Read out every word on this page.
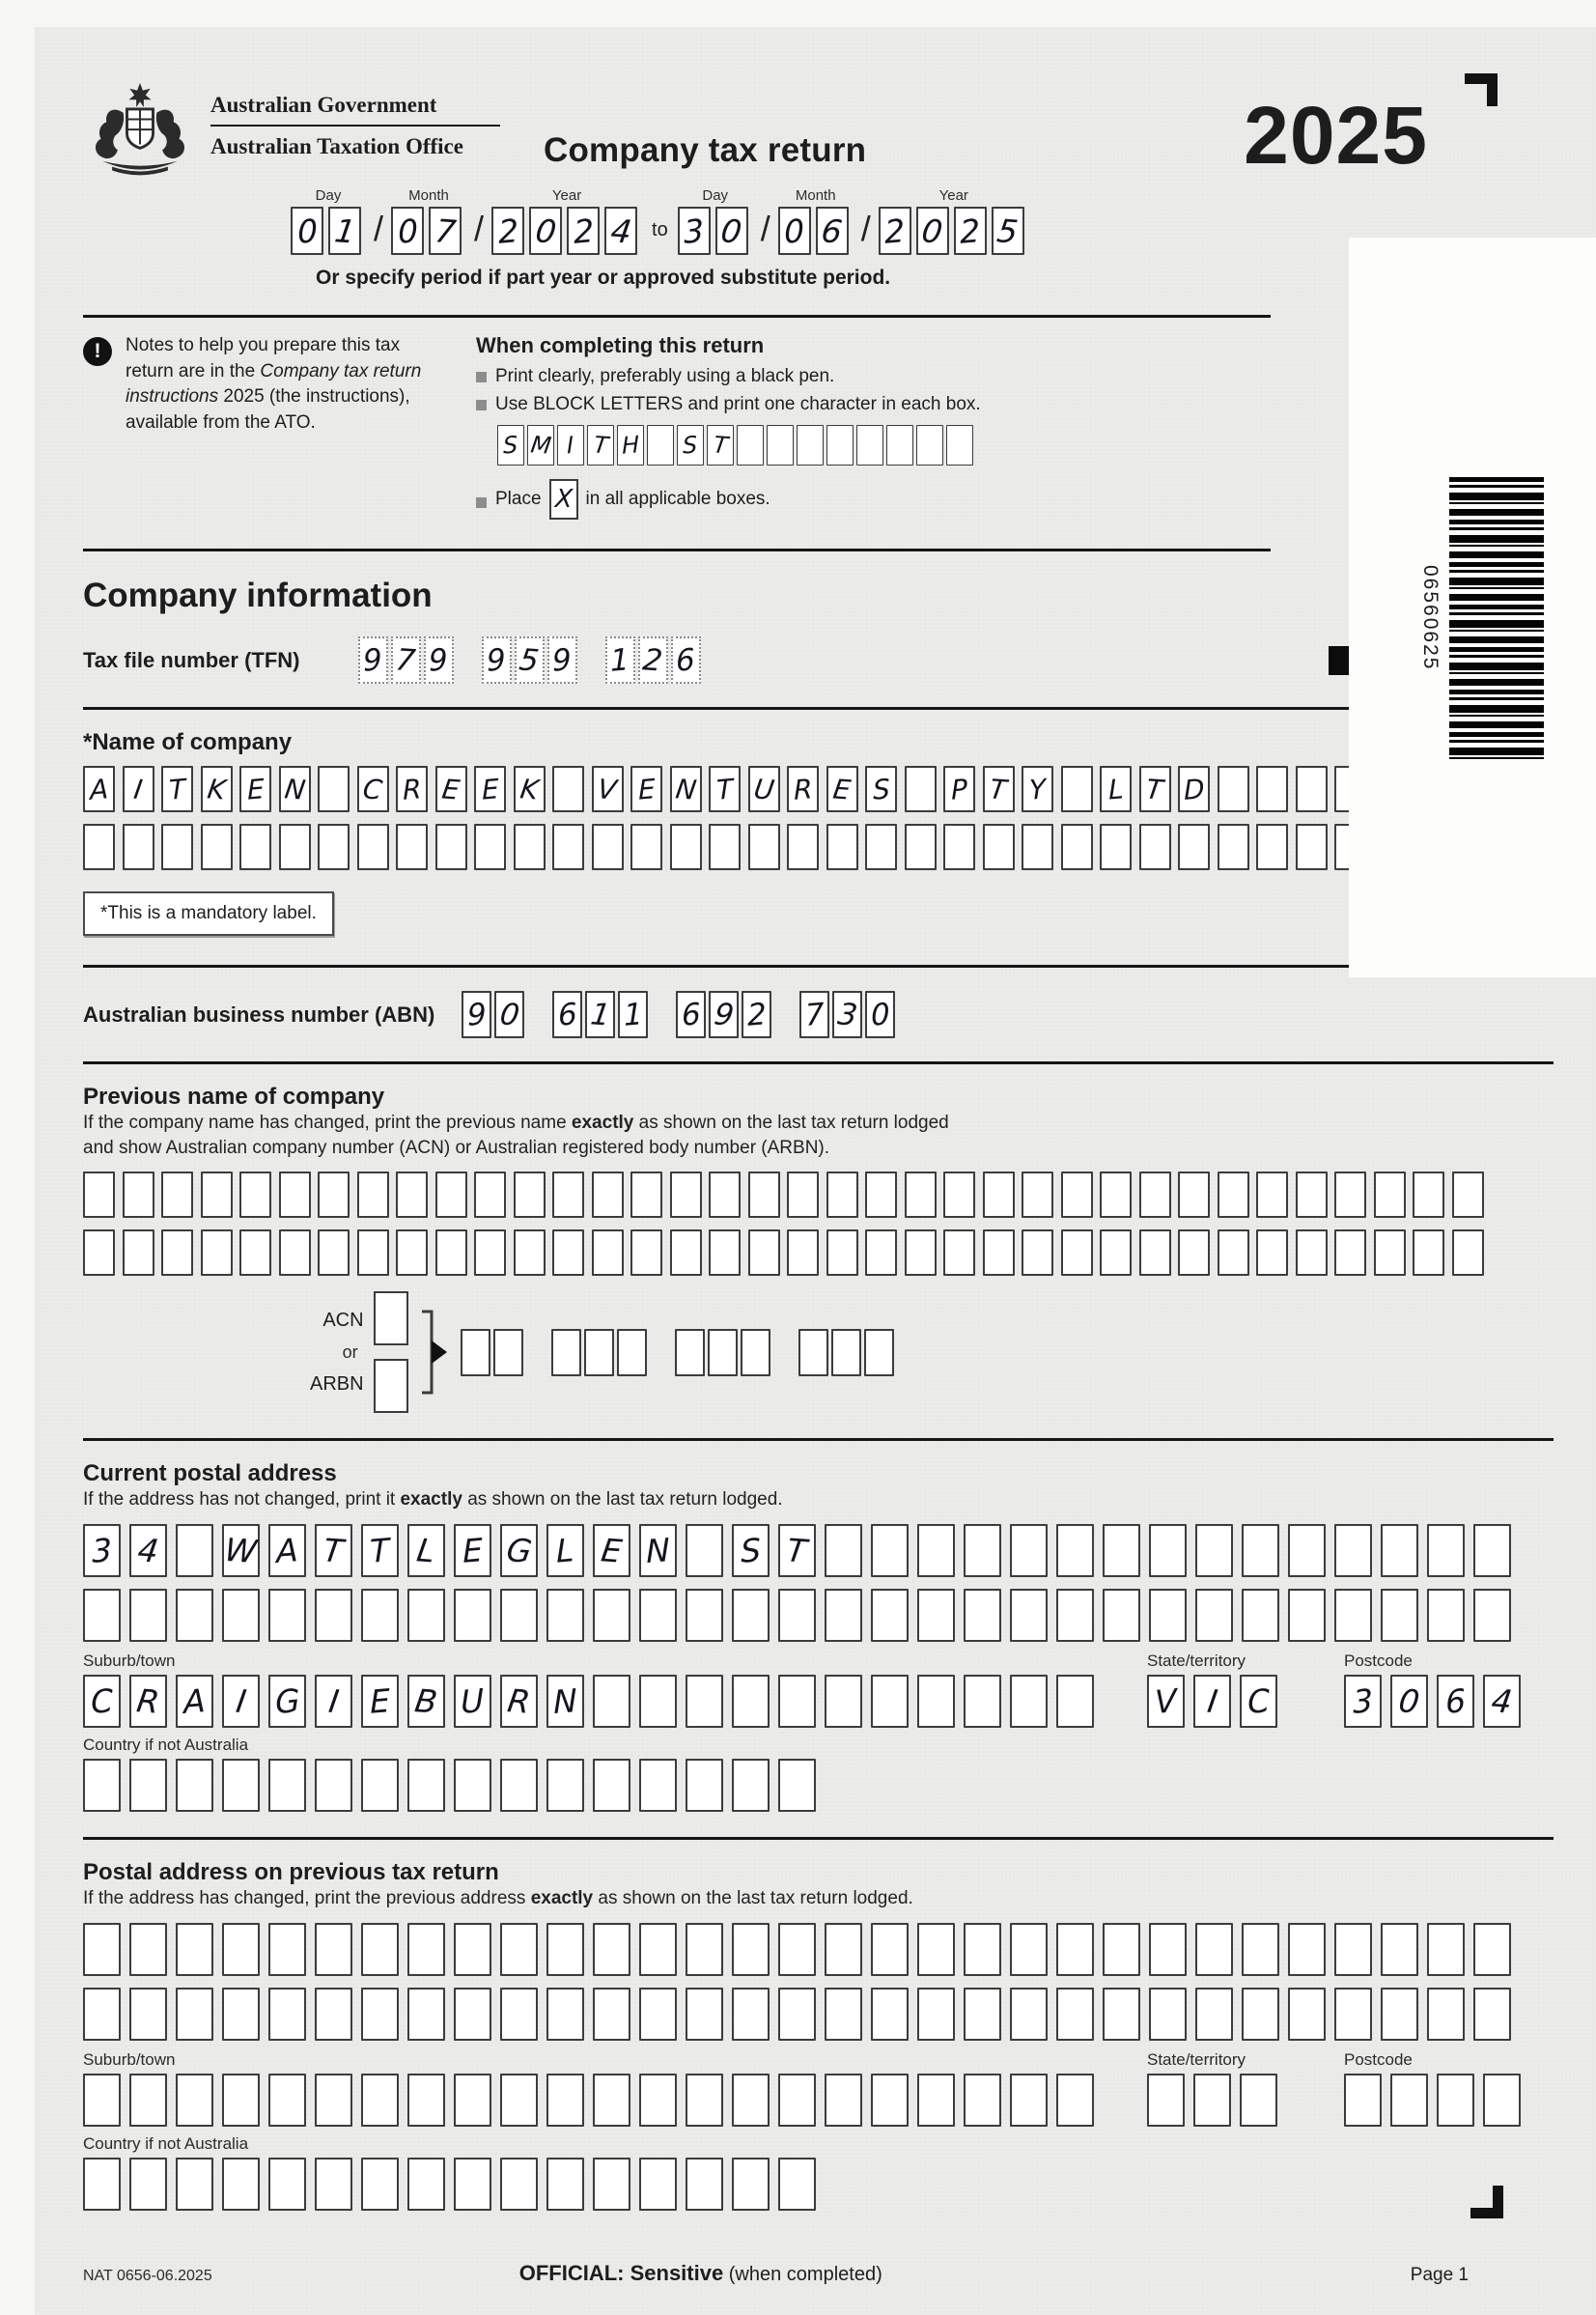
06560625
Australian Government
Australian Taxation Office	Company tax return	2025
Day
0 1 /
Month
0 7 /
Year
2 0 2 4 to
Day
3 0 /
Month
0 6 /
Year
2 0 2 5
Or specify period if part year or approved substitute period.
!	Notes to help you prepare this tax return are in the Company tax return instructions 2025 (the instructions), available from the ATO.
When completing this return
Print clearly, preferably using a black pen.
Use BLOCK LETTERS and print one character in each box.
S M I T H S T
Place X in all applicable boxes.
Company information
Tax file number (TFN) 9 7 9 9 5 9 1 2 6
*Name of company
A I T K E N C R E E K V E N T U R E S P T Y L T D
*This is a mandatory label.
Australian business number (ABN) 9 0 6 1 1 6 9 2 7 3 0
Previous name of company
If the company name has changed, print the previous name exactly as shown on the last tax return lodged
and show Australian company number (ACN) or Australian registered body number (ARBN).
ACN
or
ARBN
Current postal address
If the address has not changed, print it exactly as shown on the last tax return lodged.
3 4 W A T T L E G L E N S T
Suburb/town
C R A I G I E B U R N
State/territory
V I C
Postcode
3 0 6 4
Country if not Australia
Postal address on previous tax return
If the address has changed, print the previous address exactly as shown on the last tax return lodged.
Suburb/town	State/territory	Postcode
Country if not Australia
NAT 0656-06.2025	OFFICIAL: Sensitive (when completed)	Page 1
